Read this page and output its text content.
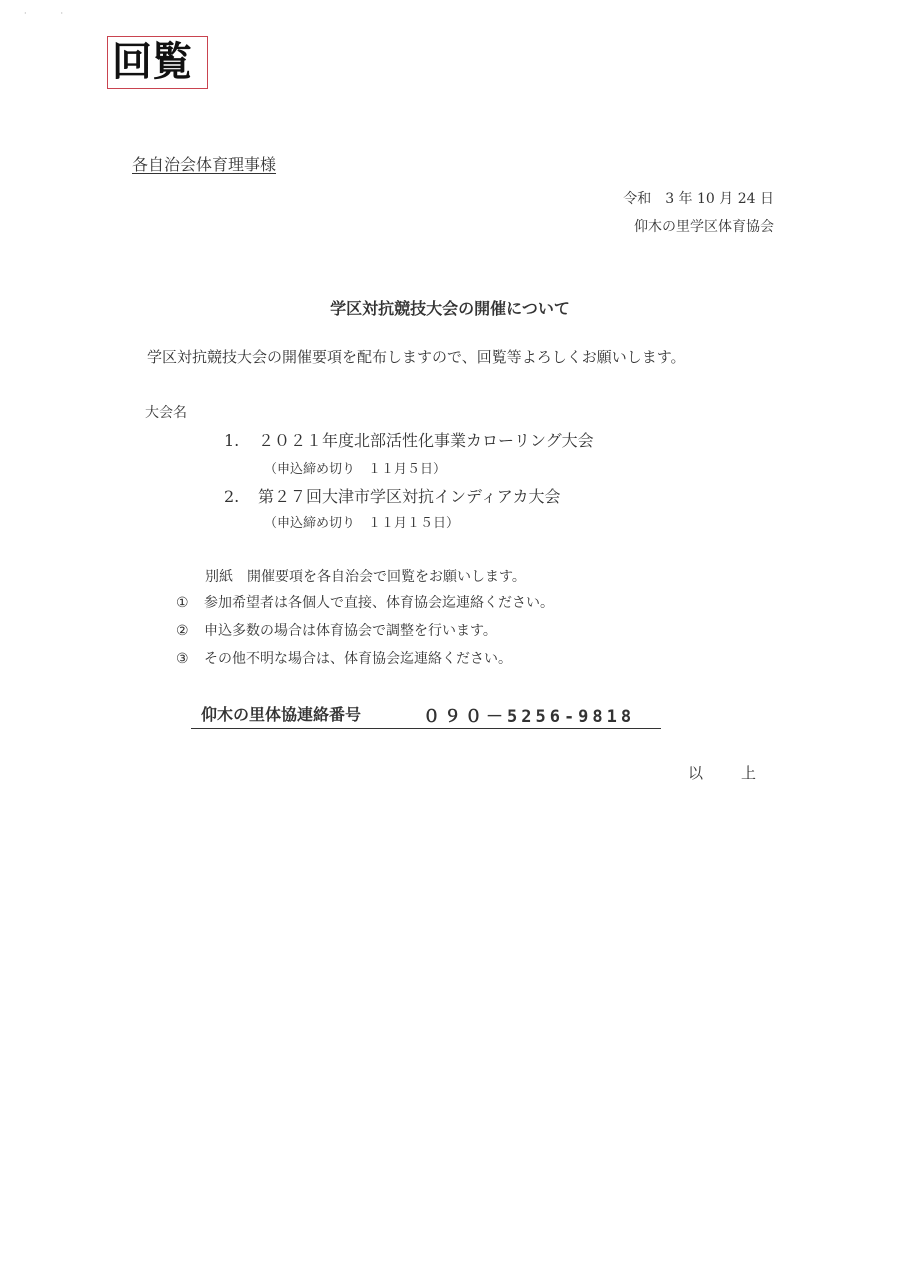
··
回覧
各自治会体育理事様
令和　3 年 10 月 24 日
仰木の里学区体育協会
学区対抗競技大会の開催について
学区対抗競技大会の開催要項を配布しますので、回覧等よろしくお願いします。
大会名
1. ２０２１年度北部活性化事業カローリング大会
（申込締め切り　１１月５日）
2. 第２７回大津市学区対抗インディアカ大会
（申込締め切り　１１月１５日）
別紙　開催要項を各自治会で回覧をお願いします。
① 参加希望者は各個人で直接、体育協会迄連絡ください。
② 申込多数の場合は体育協会で調整を行います。
③ その他不明な場合は、体育協会迄連絡ください。
仰木の里体協連絡番号	０９０－5256-9818
以上
